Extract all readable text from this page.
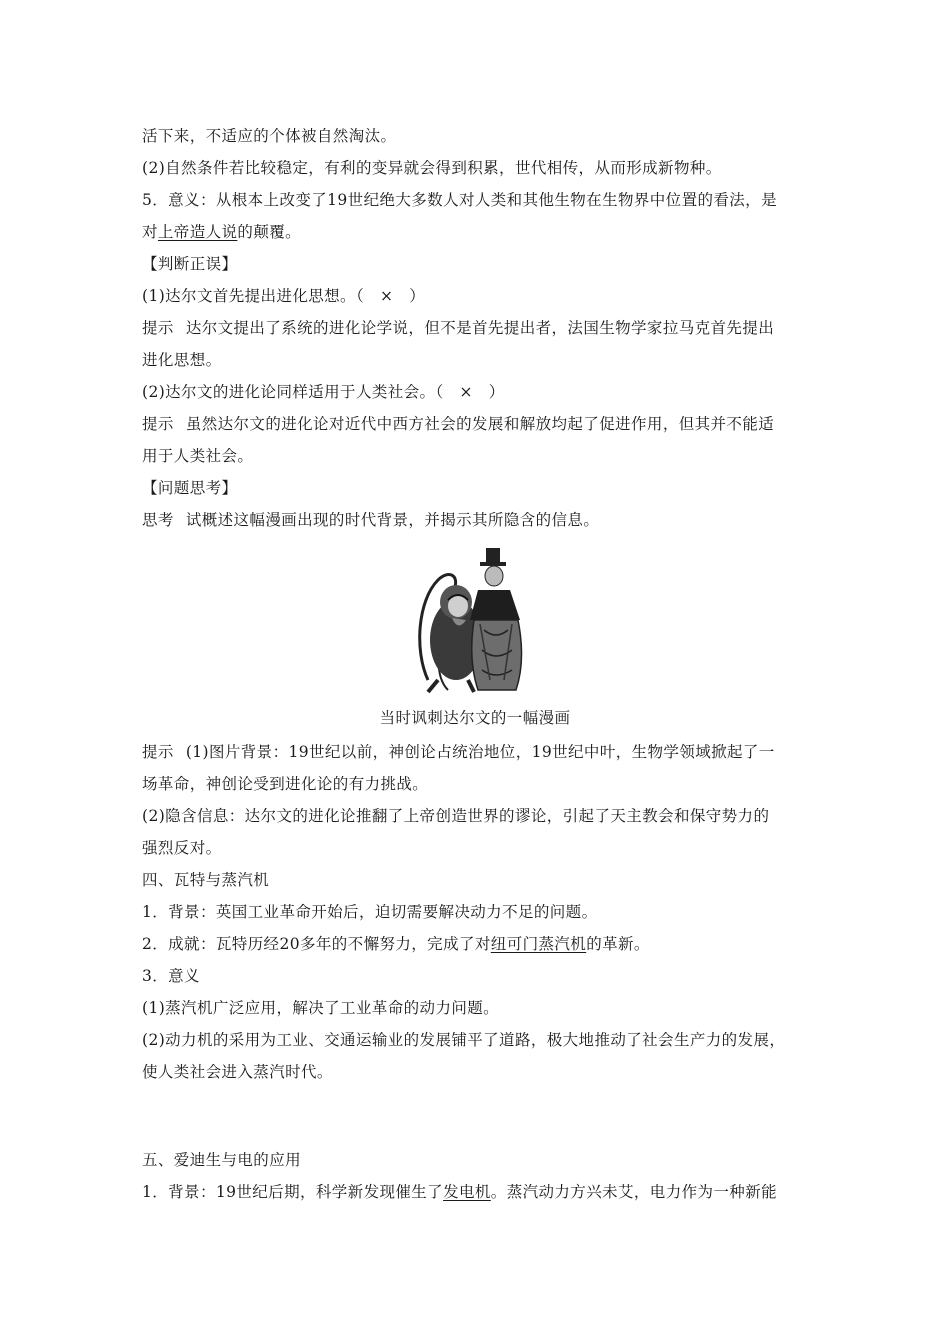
活下来，不适应的个体被自然淘汰。
(2)自然条件若比较稳定，有利的变异就会得到积累，世代相传，从而形成新物种。
5．意义：从根本上改变了19世纪绝大多数人对人类和其他生物在生物界中位置的看法，是
对上帝造人说的颠覆。
【判断正误】
(1)达尔文首先提出进化思想。（　×　）
提示 达尔文提出了系统的进化论学说，但不是首先提出者，法国生物学家拉马克首先提出
进化思想。
(2)达尔文的进化论同样适用于人类社会。（　×　）
提示 虽然达尔文的进化论对近代中西方社会的发展和解放均起了促进作用，但其并不能适
用于人类社会。
【问题思考】
思考 试概述这幅漫画出现的时代背景，并揭示其所隐含的信息。
当时讽刺达尔文的一幅漫画
提示 (1)图片背景：19世纪以前，神创论占统治地位，19世纪中叶，生物学领域掀起了一
场革命，神创论受到进化论的有力挑战。
(2)隐含信息：达尔文的进化论推翻了上帝创造世界的谬论，引起了天主教会和保守势力的
强烈反对。
四、瓦特与蒸汽机
1．背景：英国工业革命开始后，迫切需要解决动力不足的问题。
2．成就：瓦特历经20多年的不懈努力，完成了对纽可门蒸汽机的革新。
3．意义
(1)蒸汽机广泛应用，解决了工业革命的动力问题。
(2)动力机的采用为工业、交通运输业的发展铺平了道路，极大地推动了社会生产力的发展，
使人类社会进入蒸汽时代。
五、爱迪生与电的应用
1．背景：19世纪后期，科学新发现催生了发电机。蒸汽动力方兴未艾，电力作为一种新能
